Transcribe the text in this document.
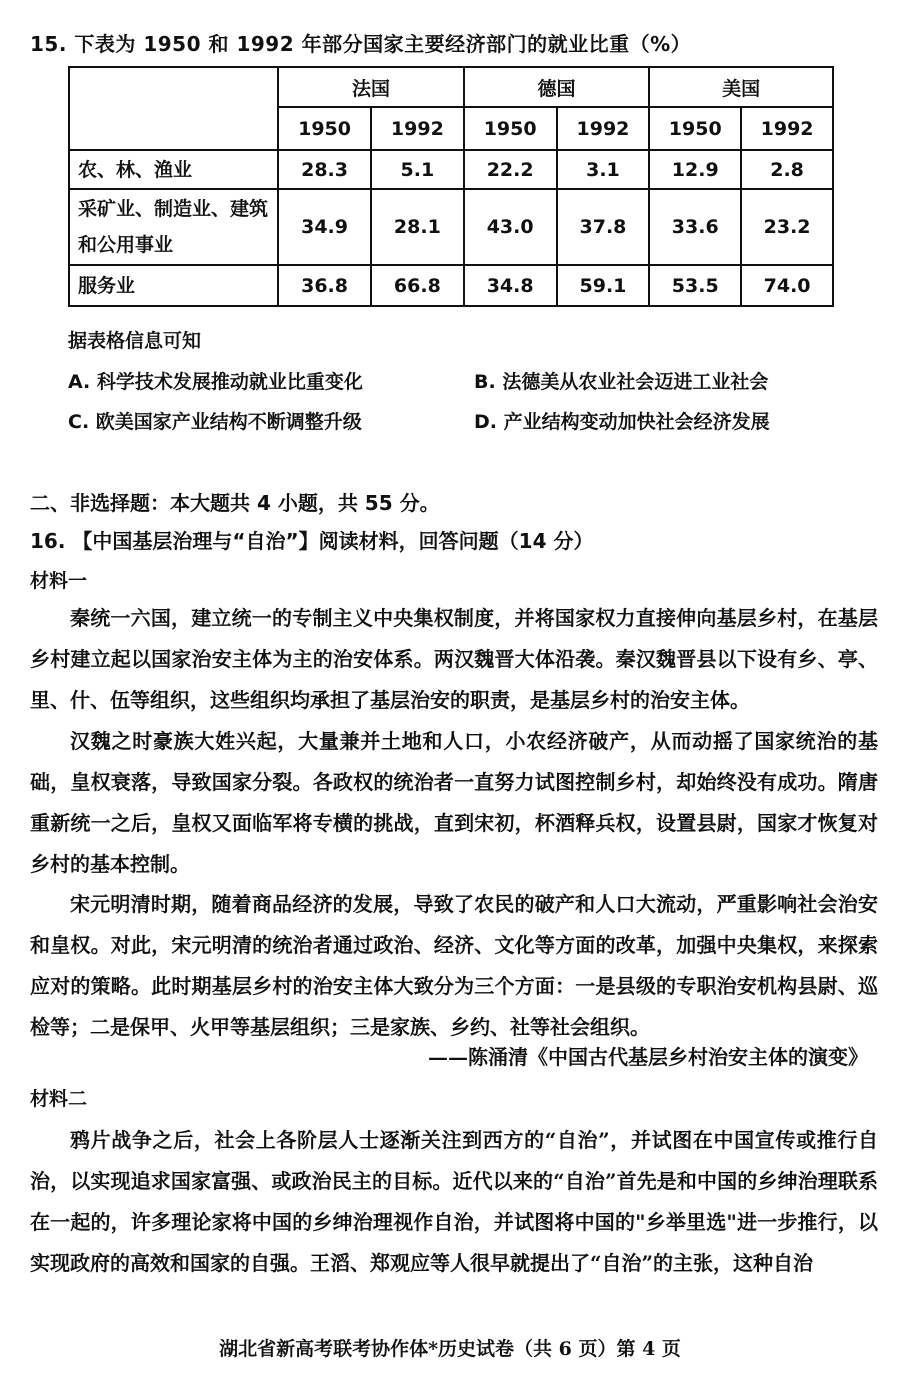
15. 下表为 1950 和 1992 年部分国家主要经济部门的就业比重（%）
	法国		德国		美国	
	1950	1992	1950	1992	1950	1992
农、林、渔业	28.3	5.1	22.2	3.1	12.9	2.8
采矿业、制造业、建筑和公用事业	34.9	28.1	43.0	37.8	33.6	23.2
服务业	36.8	66.8	34.8	59.1	53.5	74.0
据表格信息可知
A. 科学技术发展推动就业比重变化	B. 法德美从农业社会迈进工业社会
C. 欧美国家产业结构不断调整升级	D. 产业结构变动加快社会经济发展
二、非选择题：本大题共 4 小题，共 55 分。
16. 【中国基层治理与“自治”】阅读材料，回答问题（14 分）
材料一
秦统一六国，建立统一的专制主义中央集权制度，并将国家权力直接伸向基层乡村，在基层乡村建立起以国家治安主体为主的治安体系。两汉魏晋大体沿袭。秦汉魏晋县以下设有乡、亭、里、什、伍等组织，这些组织均承担了基层治安的职责，是基层乡村的治安主体。
汉魏之时豪族大姓兴起，大量兼并土地和人口，小农经济破产，从而动摇了国家统治的基础，皇权衰落，导致国家分裂。各政权的统治者一直努力试图控制乡村，却始终没有成功。隋唐重新统一之后，皇权又面临军将专横的挑战，直到宋初，杯酒释兵权，设置县尉，国家才恢复对乡村的基本控制。
宋元明清时期，随着商品经济的发展，导致了农民的破产和人口大流动，严重影响社会治安和皇权。对此，宋元明清的统治者通过政治、经济、文化等方面的改革，加强中央集权，来探索应对的策略。此时期基层乡村的治安主体大致分为三个方面：一是县级的专职治安机构县尉、巡检等；二是保甲、火甲等基层组织；三是家族、乡约、社等社会组织。
——陈涌清《中国古代基层乡村治安主体的演变》
材料二
鸦片战争之后，社会上各阶层人士逐渐关注到西方的“自治”，并试图在中国宣传或推行自治，以实现追求国家富强、或政治民主的目标。近代以来的“自治”首先是和中国的乡绅治理联系在一起的，许多理论家将中国的乡绅治理视作自治，并试图将中国的"乡举里选"进一步推行，以实现政府的高效和国家的自强。王滔、郑观应等人很早就提出了“自治”的主张，这种自治
湖北省新高考联考协作体*历史试卷（共 6 页）第 4 页
